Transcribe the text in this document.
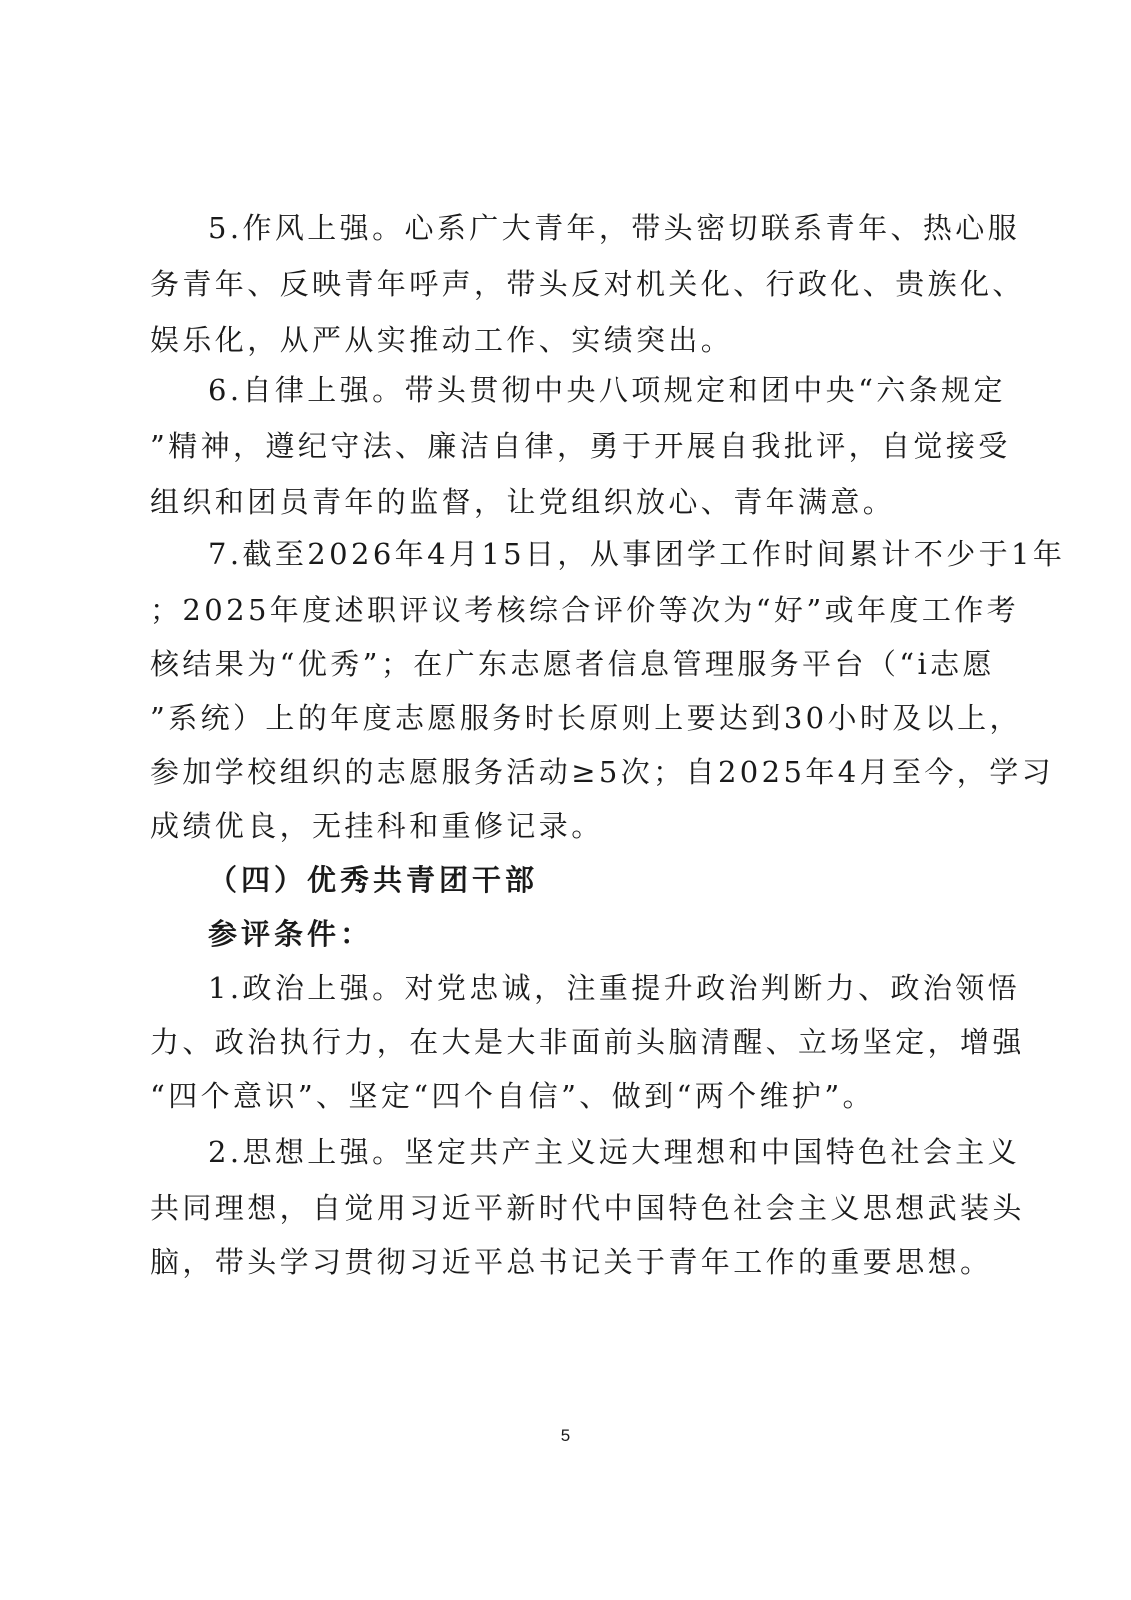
5.作风上强。心系广大青年，带头密切联系青年、热心服
务青年、反映青年呼声，带头反对机关化、行政化、贵族化、
娱乐化，从严从实推动工作、实绩突出。
6.自律上强。带头贯彻中央八项规定和团中央“六条规定
”精神，遵纪守法、廉洁自律，勇于开展自我批评，自觉接受
组织和团员青年的监督，让党组织放心、青年满意。
7.截至2026年4月15日，从事团学工作时间累计不少于1年
；2025年度述职评议考核综合评价等次为“好”或年度工作考
核结果为“优秀”；在广东志愿者信息管理服务平台（“i志愿
”系统）上的年度志愿服务时长原则上要达到30小时及以上，
参加学校组织的志愿服务活动≥5次；自2025年4月至今，学习
成绩优良，无挂科和重修记录。
（四）优秀共青团干部
参评条件：
1.政治上强。对党忠诚，注重提升政治判断力、政治领悟
力、政治执行力，在大是大非面前头脑清醒、立场坚定，增强
“四个意识”、坚定“四个自信”、做到“两个维护”。
2.思想上强。坚定共产主义远大理想和中国特色社会主义
共同理想，自觉用习近平新时代中国特色社会主义思想武装头
脑，带头学习贯彻习近平总书记关于青年工作的重要思想。
5
